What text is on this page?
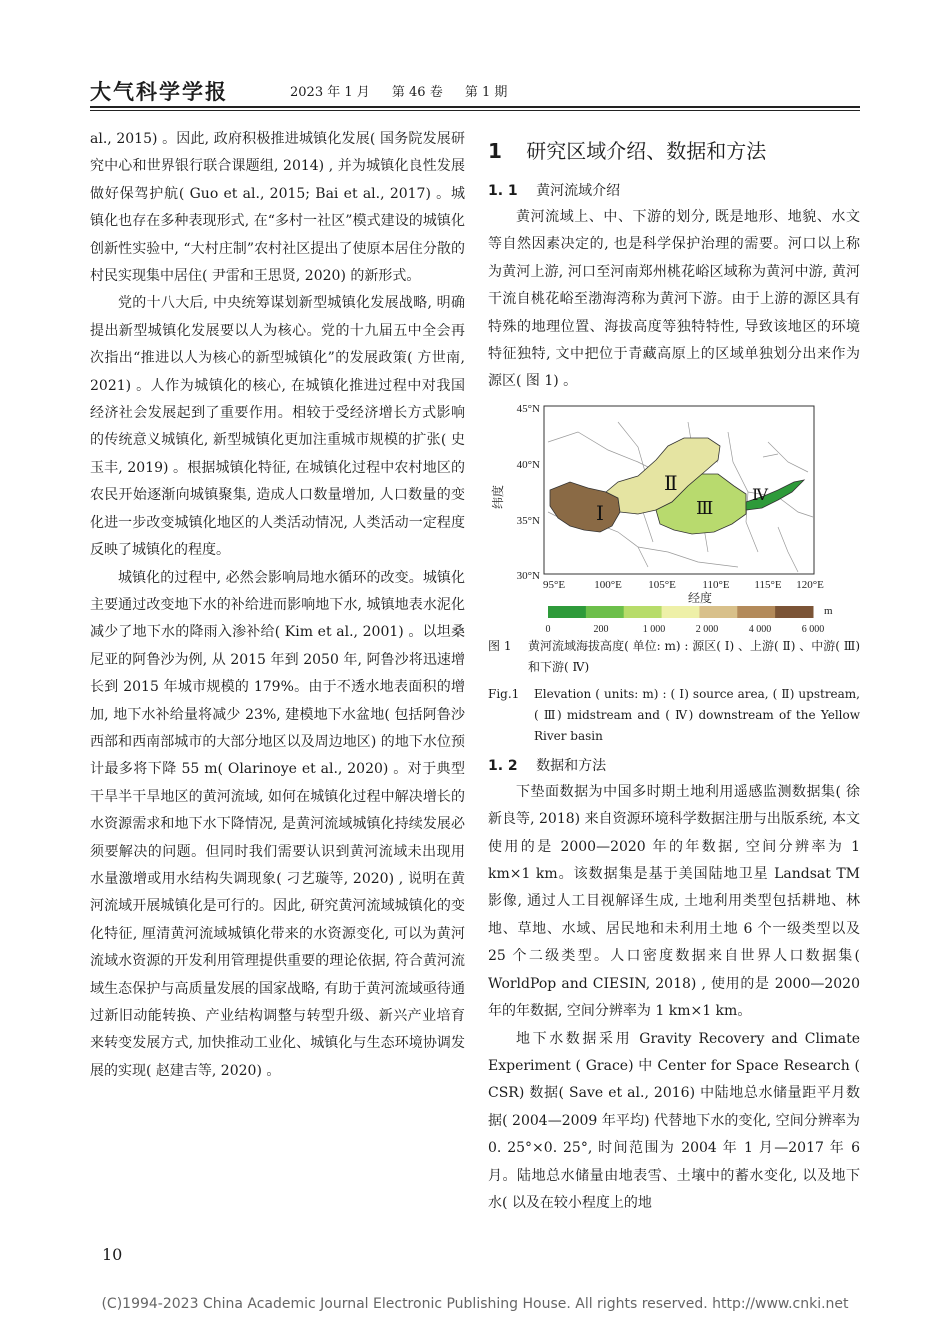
大气科学学报	2023 年 1 月 第 46 卷 第 1 期

al., 2015) 。因此, 政府积极推进城镇化发展( 国务院发展研究中心和世界银行联合课题组, 2014) , 并为城镇化良性发展做好保驾护航( Guo et al., 2015; Bai et al., 2017) 。城镇化也存在多种表现形式, 在“多村一社区”模式建设的城镇化创新性实验中, “大村庄制”农村社区提出了使原本居住分散的村民实现集中居住( 尹雷和王思贤, 2020) 的新形式。

党的十八大后, 中央统筹谋划新型城镇化发展战略, 明确提出新型城镇化发展要以人为核心。党的十九届五中全会再次指出“推进以人为核心的新型城镇化”的发展政策( 方世南, 2021) 。人作为城镇化的核心, 在城镇化推进过程中对我国经济社会发展起到了重要作用。相较于受经济增长方式影响的传统意义城镇化, 新型城镇化更加注重城市规模的扩张( 史玉丰, 2019) 。根据城镇化特征, 在城镇化过程中农村地区的农民开始逐渐向城镇聚集, 造成人口数量增加, 人口数量的变化进一步改变城镇化地区的人类活动情况, 人类活动一定程度反映了城镇化的程度。

城镇化的过程中, 必然会影响局地水循环的改变。城镇化主要通过改变地下水的补给进而影响地下水, 城镇地表水泥化减少了地下水的降雨入渗补给( Kim et al., 2001) 。以坦桑尼亚的阿鲁沙为例, 从 2015 年到 2050 年, 阿鲁沙将迅速增长到 2015 年城市规模的 179%。由于不透水地表面积的增加, 地下水补给量将减少 23%, 建模地下水盆地( 包括阿鲁沙西部和西南部城市的大部分地区以及周边地区) 的地下水位预计最多将下降 55 m( Olarinoye et al., 2020) 。对于典型干旱半干旱地区的黄河流域, 如何在城镇化过程中解决增长的水资源需求和地下水下降情况, 是黄河流域城镇化持续发展必须要解决的问题。但同时我们需要认识到黄河流域未出现用水量激增或用水结构失调现象( 刁艺璇等, 2020) , 说明在黄河流域开展城镇化是可行的。因此, 研究黄河流域城镇化的变化特征, 厘清黄河流域城镇化带来的水资源变化, 可以为黄河流域水资源的开发利用管理提供重要的理论依据, 符合黄河流域生态保护与高质量发展的国家战略, 有助于黄河流域亟待通过新旧动能转换、产业结构调整与转型升级、新兴产业培育来转变发展方式, 加快推动工业化、城镇化与生态环境协调发展的实现( 赵建吉等, 2020) 。

1 研究区域介绍、数据和方法
1. 1 黄河流域介绍

黄河流域上、中、下游的划分, 既是地形、地貌、水文等自然因素决定的, 也是科学保护治理的需要。河口以上称为黄河上游, 河口至河南郑州桃花峪区域称为黄河中游, 黄河干流自桃花峪至渤海湾称为黄河下游。由于上游的源区具有特殊的地理位置、海拔高度等独特特性, 导致该地区的环境特征独特, 文中把位于青藏高原上的区域单独划分出来作为源区( 图 1) 。

Ⅰ
Ⅱ
Ⅲ
Ⅳ
45°N
40°N
35°N
30°N
纬度
95°E	100°E 105°E 110°E 115°E 120°E
经度
m
0	200	1 000	2 000	4 000	6 000
图 1	黄河流域海拔高度( 单位: m) : 源区( Ⅰ) 、上游( Ⅱ) 、中游( Ⅲ) 和下游( Ⅳ)
Fig.1	Elevation ( units: m) : ( Ⅰ) source area, ( Ⅱ) upstream, ( Ⅲ) midstream and ( Ⅳ) downstream of the Yellow River basin
1. 2 数据和方法

下垫面数据为中国多时期土地利用遥感监测数据集( 徐新良等, 2018) 来自资源环境科学数据注册与出版系统, 本文使用的是 2000—2020 年的年数据, 空间分辨率为 1 km×1 km。该数据集是基于美国陆地卫星 Landsat TM 影像, 通过人工目视解译生成, 土地利用类型包括耕地、林地、草地、水域、居民地和未利用土地 6 个一级类型以及 25 个二级类型。人口密度数据来自世界人口数据集( WorldPop and CIESIN, 2018) , 使用的是 2000—2020 年的年数据, 空间分辨率为 1 km×1 km。

地下水数据采用 Gravity Recovery and Climate Experiment ( Grace) 中 Center for Space Research ( CSR) 数据( Save et al., 2016) 中陆地总水储量距平月数据( 2004—2009 年平均) 代替地下水的变化, 空间分辨率为 0. 25°×0. 25°, 时间范围为 2004 年 1 月—2017 年 6 月。陆地总水储量由地表雪、土壤中的蓄水变化, 以及地下水( 以及在较小程度上的地

10
(C)1994-2023 China Academic Journal Electronic Publishing House. All rights reserved. http://www.cnki.net
